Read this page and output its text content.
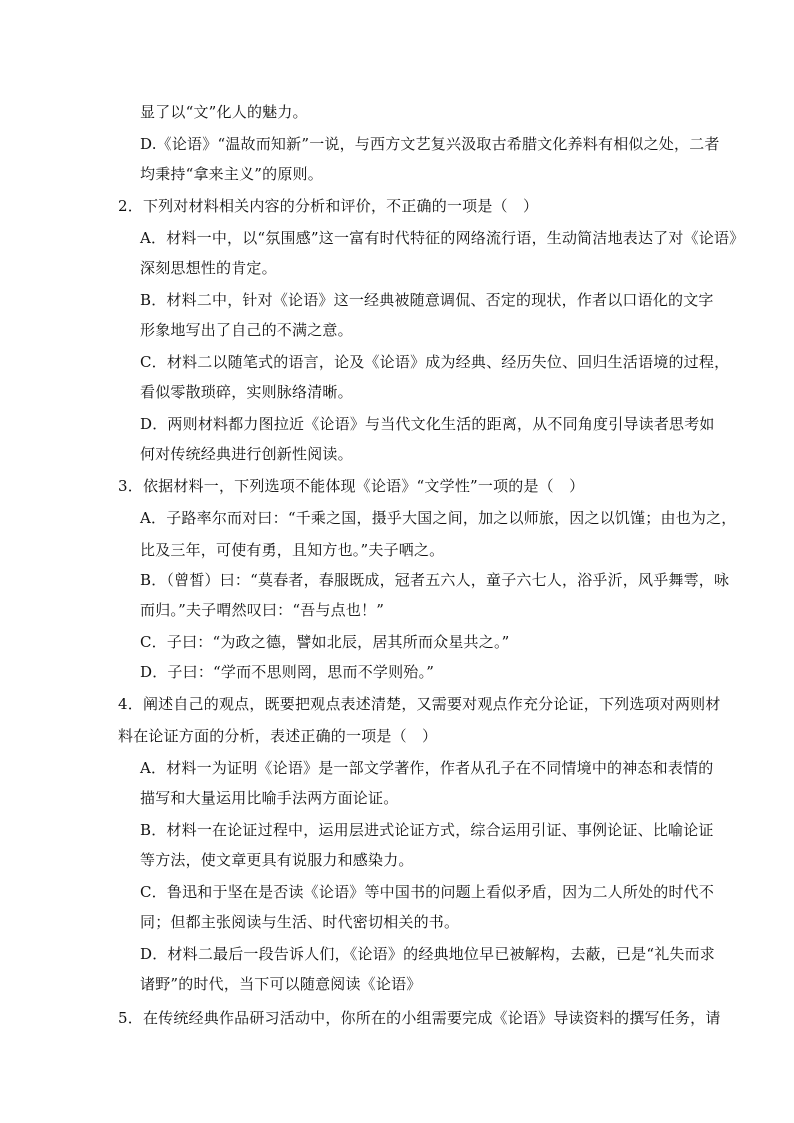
显了以“文”化人的魅力。
D.《论语》“温故而知新”一说，与西方文艺复兴汲取古希腊文化养料有相似之处，二者
均秉持“拿来主义”的原则。
2．下列对材料相关内容的分析和评价，不正确的一项是（　）
A．材料一中，以“氛围感”这一富有时代特征的网络流行语，生动简洁地表达了对《论语》
深刻思想性的肯定。
B．材料二中，针对《论语》这一经典被随意调侃、否定的现状，作者以口语化的文字
形象地写出了自己的不满之意。
C．材料二以随笔式的语言，论及《论语》成为经典、经历失位、回归生活语境的过程，
看似零散琐碎，实则脉络清晰。
D．两则材料都力图拉近《论语》与当代文化生活的距离，从不同角度引导读者思考如
何对传统经典进行创新性阅读。
3．依据材料一，下列选项不能体现《论语》“文学性”一项的是（　）
A．子路率尔而对曰：“千乘之国，摄乎大国之间，加之以师旅，因之以饥馑；由也为之，
比及三年，可使有勇，且知方也。”夫子哂之。
B．（曾皙）曰：“莫春者，春服既成，冠者五六人，童子六七人，浴乎沂，风乎舞雩，咏
而归。”夫子喟然叹曰：“吾与点也！”
C．子曰：“为政之德，譬如北辰，居其所而众星共之。”
D．子曰：“学而不思则罔，思而不学则殆。”
4．阐述自己的观点，既要把观点表述清楚，又需要对观点作充分论证，下列选项对两则材
料在论证方面的分析，表述正确的一项是（　）
A．材料一为证明《论语》是一部文学著作，作者从孔子在不同情境中的神态和表情的
描写和大量运用比喻手法两方面论证。
B．材料一在论证过程中，运用层进式论证方式，综合运用引证、事例论证、比喻论证
等方法，使文章更具有说服力和感染力。
C．鲁迅和于坚在是否读《论语》等中国书的问题上看似矛盾，因为二人所处的时代不
同；但都主张阅读与生活、时代密切相关的书。
D．材料二最后一段告诉人们，《论语》的经典地位早已被解构，去蔽，已是“礼失而求
诸野”的时代，当下可以随意阅读《论语》
5．在传统经典作品研习活动中，你所在的小组需要完成《论语》导读资料的撰写任务，请
